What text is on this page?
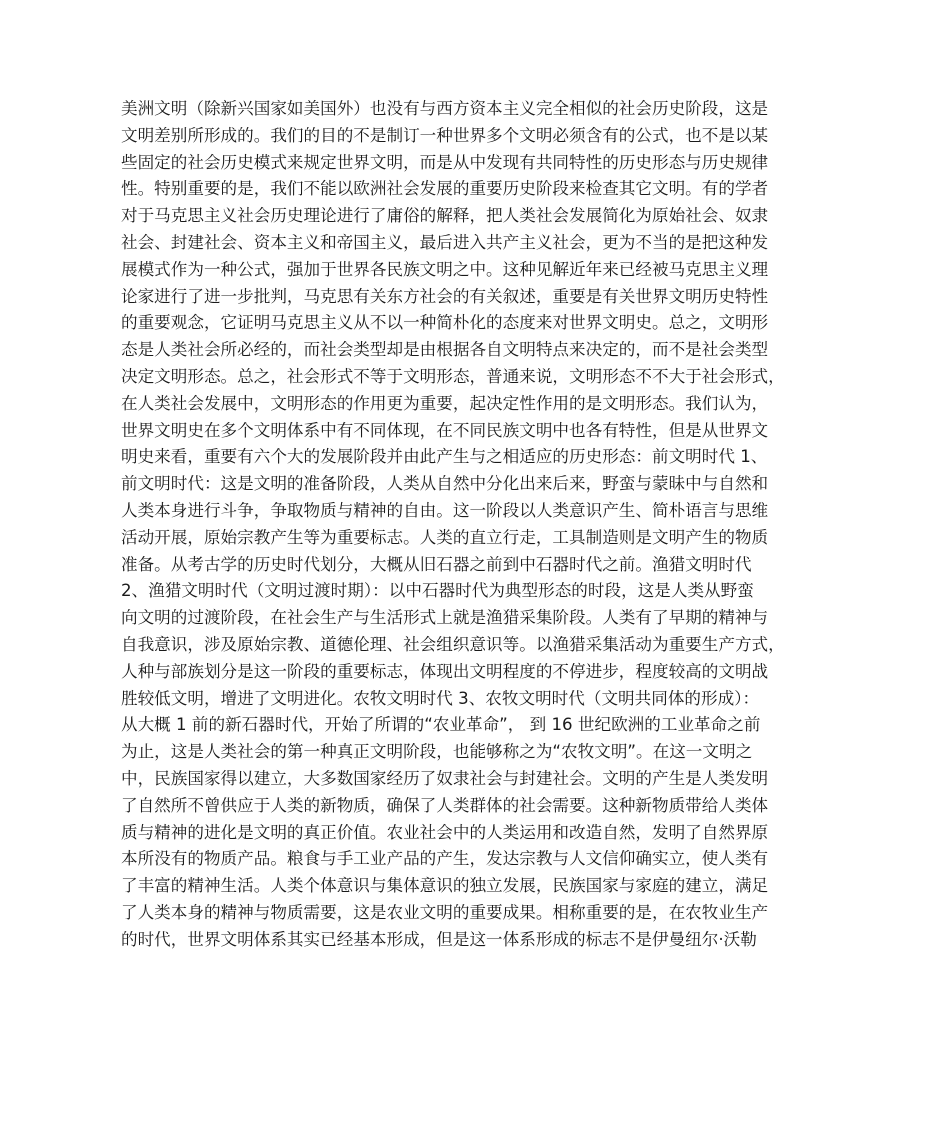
美洲文明（除新兴国家如美国外）也没有与西方资本主义完全相似的社会历史阶段，这是
文明差别所形成的。我们的目的不是制订一种世界多个文明必须含有的公式，也不是以某
些固定的社会历史模式来规定世界文明，而是从中发现有共同特性的历史形态与历史规律
性。特别重要的是，我们不能以欧洲社会发展的重要历史阶段来检查其它文明。有的学者
对于马克思主义社会历史理论进行了庸俗的解释，把人类社会发展简化为原始社会、奴隶
社会、封建社会、资本主义和帝国主义，最后进入共产主义社会，更为不当的是把这种发
展模式作为一种公式，强加于世界各民族文明之中。这种见解近年来已经被马克思主义理
论家进行了进一步批判，马克思有关东方社会的有关叙述，重要是有关世界文明历史特性
的重要观念，它证明马克思主义从不以一种简朴化的态度来对世界文明史。总之，文明形
态是人类社会所必经的，而社会类型却是由根据各自文明特点来决定的，而不是社会类型
决定文明形态。总之，社会形式不等于文明形态，普通来说，文明形态不不大于社会形式，
在人类社会发展中，文明形态的作用更为重要，起决定性作用的是文明形态。我们认为，
世界文明史在多个文明体系中有不同体现，在不同民族文明中也各有特性，但是从世界文
明史来看，重要有六个大的发展阶段并由此产生与之相适应的历史形态：前文明时代 1、
前文明时代：这是文明的准备阶段，人类从自然中分化出来后来，野蛮与蒙昧中与自然和
人类本身进行斗争，争取物质与精神的自由。这一阶段以人类意识产生、简朴语言与思维
活动开展，原始宗教产生等为重要标志。人类的直立行走，工具制造则是文明产生的物质
准备。从考古学的历史时代划分，大概从旧石器之前到中石器时代之前。渔猎文明时代
2、渔猎文明时代（文明过渡时期）：以中石器时代为典型形态的时段，这是人类从野蛮
向文明的过渡阶段，在社会生产与生活形式上就是渔猎采集阶段。人类有了早期的精神与
自我意识，涉及原始宗教、道德伦理、社会组织意识等。以渔猎采集活动为重要生产方式，
人种与部族划分是这一阶段的重要标志，体现出文明程度的不停进步，程度较高的文明战
胜较低文明，增进了文明进化。农牧文明时代 3、农牧文明时代（文明共同体的形成）：
从大概 1 前的新石器时代，开始了所谓的“农业革命”， 到 16 世纪欧洲的工业革命之前
为止，这是人类社会的第一种真正文明阶段，也能够称之为“农牧文明”。在这一文明之
中，民族国家得以建立，大多数国家经历了奴隶社会与封建社会。文明的产生是人类发明
了自然所不曾供应于人类的新物质，确保了人类群体的社会需要。这种新物质带给人类体
质与精神的进化是文明的真正价值。农业社会中的人类运用和改造自然，发明了自然界原
本所没有的物质产品。粮食与手工业产品的产生，发达宗教与人文信仰确实立，使人类有
了丰富的精神生活。人类个体意识与集体意识的独立发展，民族国家与家庭的建立，满足
了人类本身的精神与物质需要，这是农业文明的重要成果。相称重要的是，在农牧业生产
的时代，世界文明体系其实已经基本形成，但是这一体系形成的标志不是伊曼纽尔·沃勒
